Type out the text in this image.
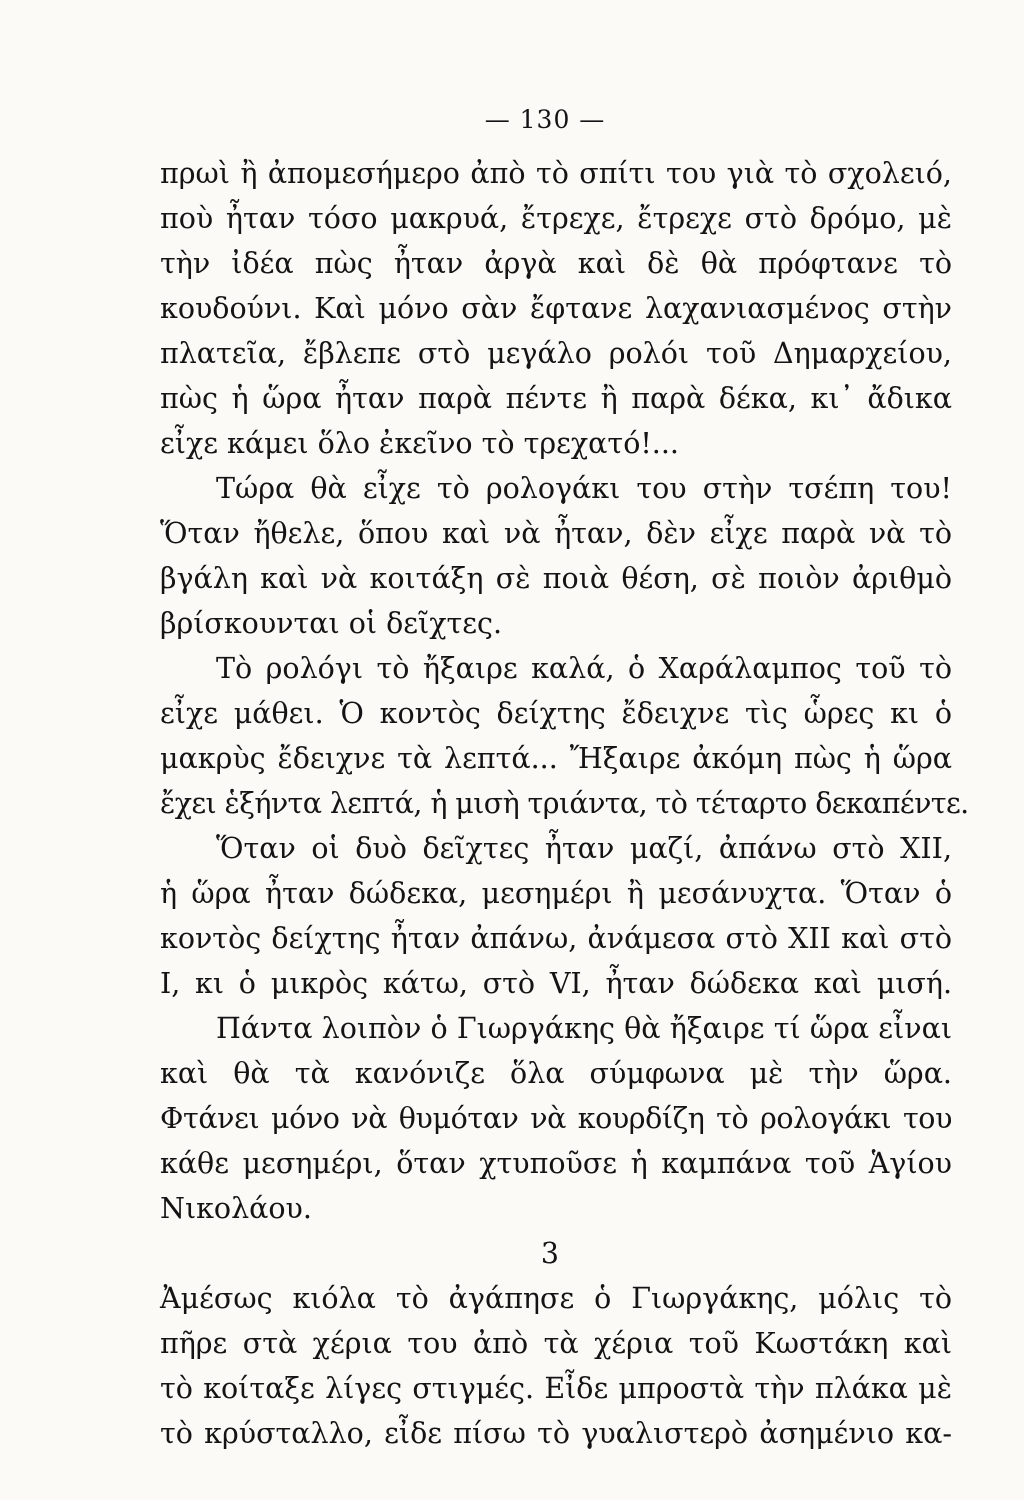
— 130 —
πρωὶ ἢ ἀπομεσήμερο ἀπὸ τὸ σπίτι του γιὰ τὸ σχολειό,
ποὺ ἦταν τόσο μακρυά, ἔτρεχε, ἔτρεχε στὸ δρόμο, μὲ
τὴν ἰδέα πὼς ἦταν ἀργὰ καὶ δὲ θὰ πρόφτανε τὸ
κουδούνι. Καὶ μόνο σὰν ἔφτανε λαχανιασμένος στὴν
πλατεῖα, ἔβλεπε στὸ μεγάλο ρολόι τοῦ Δημαρχείου,
πὼς ἡ ὥρα ἦταν παρὰ πέντε ἢ παρὰ δέκα, κι᾿ ἄδικα
εἶχε κάμει ὅλο ἐκεῖνο τὸ τρεχατό!...
Τώρα θὰ εἶχε τὸ ρολογάκι του στὴν τσέπη του!
Ὅταν ἤθελε, ὅπου καὶ νὰ ἦταν, δὲν εἶχε παρὰ νὰ τὸ
βγάλη καὶ νὰ κοιτάξη σὲ ποιὰ θέση, σὲ ποιὸν ἀριθμὸ
βρίσκουνται οἱ δεῖχτες.
Τὸ ρολόγι τὸ ἤξαιρε καλά, ὁ Χαράλαμπος τοῦ τὸ
εἶχε μάθει. Ὁ κοντὸς δείχτης ἔδειχνε τὶς ὧρες κι ὁ
μακρὺς ἔδειχνε τὰ λεπτά... Ἤξαιρε ἀκόμη πὼς ἡ ὥρα
ἔχει ἑξήντα λεπτά, ἡ μισὴ τριάντα, τὸ τέταρτο δεκαπέντε.
Ὅταν οἱ δυὸ δεῖχτες ἦταν μαζί, ἀπάνω στὸ XII,
ἡ ὥρα ἦταν δώδεκα, μεσημέρι ἢ μεσάνυχτα. Ὅταν ὁ
κοντὸς δείχτης ἦταν ἀπάνω, ἀνάμεσα στὸ XII καὶ στὸ
I, κι ὁ μικρὸς κάτω, στὸ VI, ἦταν δώδεκα καὶ μισή.
Πάντα λοιπὸν ὁ Γιωργάκης θὰ ἤξαιρε τί ὥρα εἶναι
καὶ θὰ τὰ κανόνιζε ὅλα σύμφωνα μὲ τὴν ὥρα.
Φτάνει μόνο νὰ θυμόταν νὰ κουρδίζη τὸ ρολογάκι του
κάθε μεσημέρι, ὅταν χτυποῦσε ἡ καμπάνα τοῦ Ἁγίου
Νικολάου.
3
Ἀμέσως κιόλα τὸ ἀγάπησε ὁ Γιωργάκης, μόλις τὸ
πῆρε στὰ χέρια του ἀπὸ τὰ χέρια τοῦ Κωστάκη καὶ
τὸ κοίταξε λίγες στιγμές. Εἶδε μπροστὰ τὴν πλάκα μὲ
τὸ κρύσταλλο, εἶδε πίσω τὸ γυαλιστερὸ ἀσημένιο κα-
